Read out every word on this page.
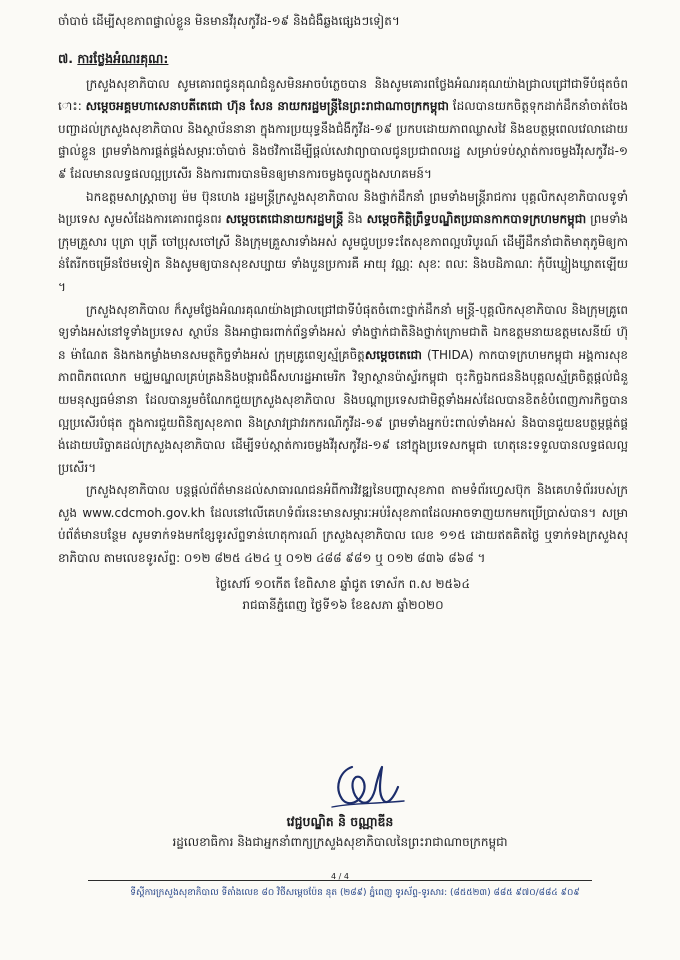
ចាំបាច់ ដើម្បីសុខភាពផ្ទាល់ខ្លួន មិនមានវីរុសកូវីដ-១៩ និងជំងឺឆ្លងផ្សេងៗទៀត។

៧. ការថ្លែងអំណរគុណ:

ក្រសួងសុខាភិបាល សូមគោរពជូនគុណជំនួសមិនអាចបំភ្លេចបាន និងសូមគោរពថ្លែងអំណរគុណយ៉ាងជ្រាលជ្រៅជាទីបំផុតចំពោះ: សម្តេចអគ្គមហាសេនាបតីតេជោ ហ៊ុន សែន នាយករដ្ឋមន្ត្រីនៃព្រះរាជាណាចក្រកម្ពុជា ដែលបានយកចិត្តទុកដាក់ដឹកនាំចាត់ចែងបញ្ជាដល់ក្រសួងសុខាភិបាល និងស្ថាប័ននានា ក្នុងការប្រយុទ្ធនឹងជំងឺកូវីដ-១៩ ប្រកបដោយភាពឈ្លាសវៃ និងឧបត្ថម្ភពេលវេលាដោយផ្ទាល់ខ្លួន ព្រមទាំងការផ្គត់ផ្គង់សម្ភារៈចាំបាច់ និងថវិកាដើម្បីផ្តល់សេវាព្យាបាលជូនប្រជាពលរដ្ឋ សម្រាប់ទប់ស្កាត់ការចម្លងវីរុសកូវីដ-១៩ ដែលមានលទ្ធផលល្អប្រសើរ និងការពារបានមិនឲ្យមានការចម្លងចូលក្នុងសហគមន៍។

ឯកឧត្តមសាស្ត្រាចារ្យ ម៉ម ប៊ុនហេង រដ្ឋមន្ត្រីក្រសួងសុខាភិបាល និងថ្នាក់ដឹកនាំ ព្រមទាំងមន្ត្រីរាជការ បុគ្គលិកសុខាភិបាលទូទាំងប្រទេស សូមសំដែងការគោរពជូនពរ សម្តេចតេជោនាយករដ្ឋមន្ត្រី និង សម្តេចកិត្តិព្រឹទ្ធបណ្ឌិតប្រធានកាកបាទក្រហមកម្ពុជា ព្រមទាំងក្រុមគ្រួសារ បុត្រា បុត្រី ចៅប្រុសចៅស្រី និងក្រុមគ្រួសារទាំងអស់ សូមជួបប្រទះតែសុខភាពល្អបរិបូរណ៍ ដើម្បីដឹកនាំជាតិមាតុភូមិឲ្យកាន់តែរីកចម្រើនថែមទៀត និងសូមឲ្យបានសុខសប្បាយ ទាំងបួនប្រការគឺ អាយុ វណ្ណៈ សុខៈ ពលៈ និងបដិភាណៈ កុំបីឃ្លៀងឃ្លាតឡើយ។

ក្រសួងសុខាភិបាល ក៏សូមថ្លែងអំណរគុណយ៉ាងជ្រាលជ្រៅជាទីបំផុតចំពោះថ្នាក់ដឹកនាំ មន្ត្រី-បុគ្គលិកសុខាភិបាល និងក្រុមគ្រូពេទ្យទាំងអស់នៅទូទាំងប្រទេស ស្ថាប័ន និងអាជ្ញាធរពាក់ព័ន្ធទាំងអស់ ទាំងថ្នាក់ជាតិនិងថ្នាក់ក្រោមជាតិ ឯកឧត្តមនាយឧត្តមសេនីយ៍ ហ៊ុន ម៉ាណែត និងកងកម្លាំងមានសមត្ថកិច្ចទាំងអស់ ក្រុមគ្រូពេទ្យស្ម័គ្រចិត្តសម្តេចតេជោ (THIDA) កាកបាទក្រហមកម្ពុជា អង្គការសុខភាពពិភពលោក មជ្ឈមណ្ឌលគ្រប់គ្រងនិងបង្ការជំងឺសហរដ្ឋអាមេរិក វិទ្យាស្ថានប៉ាស្ទ័រកម្ពុជា ចុះកិច្ចឯកជននិងបុគ្គលស្ម័គ្រចិត្តផ្តល់ជំនួយមនុស្សធម៌នានា ដែលបានរួមចំណែកជួយក្រសួងសុខាភិបាល និងបណ្តាប្រទេសជាមិត្តទាំងអស់ដែលបានខិតខំបំពេញភារកិច្ចបានល្អប្រសើរបំផុត ក្នុងការជួយពិនិត្យសុខភាព និងស្រាវជ្រាវរកករណីកូវីដ-១៩ ព្រមទាំងអ្នកប៉ះពាល់ទាំងអស់ និងបានជួយឧបត្ថម្ភផ្គត់ផ្គង់ដោយបរិច្ចាគដល់ក្រសួងសុខាភិបាល ដើម្បីទប់ស្កាត់ការចម្លងវីរុសកូវីដ-១៩ នៅក្នុងប្រទេសកម្ពុជា ហេតុនេះទទួលបានលទ្ធផលល្អប្រសើរ។

ក្រសួងសុខាភិបាល បន្តផ្តល់ព័ត៌មានដល់សាធារណជនអំពីការវិវឌ្ឍនៃបញ្ហាសុខភាព តាមទំព័រហ្វេសប៊ុក និងគេហទំព័ររបស់ក្រសួង www.cdcmoh.gov.kh ដែលនៅលើគេហទំព័រនេះមានសម្ភារៈអប់រំសុខភាពដែលអាចទាញយកមកប្រើប្រាស់បាន។ សម្រាប់ព័ត៌មានបន្ថែម សូមទាក់ទងមកខ្សែទូរស័ព្ទទាន់ហេតុការណ៍ ក្រសួងសុខាភិបាល លេខ ១១៥ ដោយឥតគិតថ្លៃ ឬទាក់ទងក្រសួងសុខាភិបាល តាមលេខទូរស័ព្ទ: ០១២ ៨២៥ ៤២៤ ឬ ០១២ ៤៨៨ ៩៨១ ឬ ០១២ ៨៣៦ ៨៦៨ ។

ថ្ងៃសៅរ៍ ១០កើត ខែពិសាខ ឆ្នាំជូត ទោស័ក ព.ស ២៥៦៤
រាជធានីភ្នំពេញ ថ្ងៃទី១៦ ខែឧសភា ឆ្នាំ២០២០
វេជ្ជបណ្ឌិត និ ចណ្ណាឌីន
រដ្ឋលេខាធិការ និងជាអ្នកនាំពាក្យក្រសួងសុខាភិបាលនៃព្រះរាជាណាចក្រកម្ពុជា
4 / 4
ទីស្តីការក្រសួងសុខាភិបាល ទីតាំងលេខ ៨០ វិថីសម្ដេចប៉ែន នុត (២៨៩) ភ្នំពេញ ទូរស័ព្ទ-ទូរសារ: (៨៥៥២៣) ៨៨៥ ៩៧០/៨៨៤ ៩០៩
